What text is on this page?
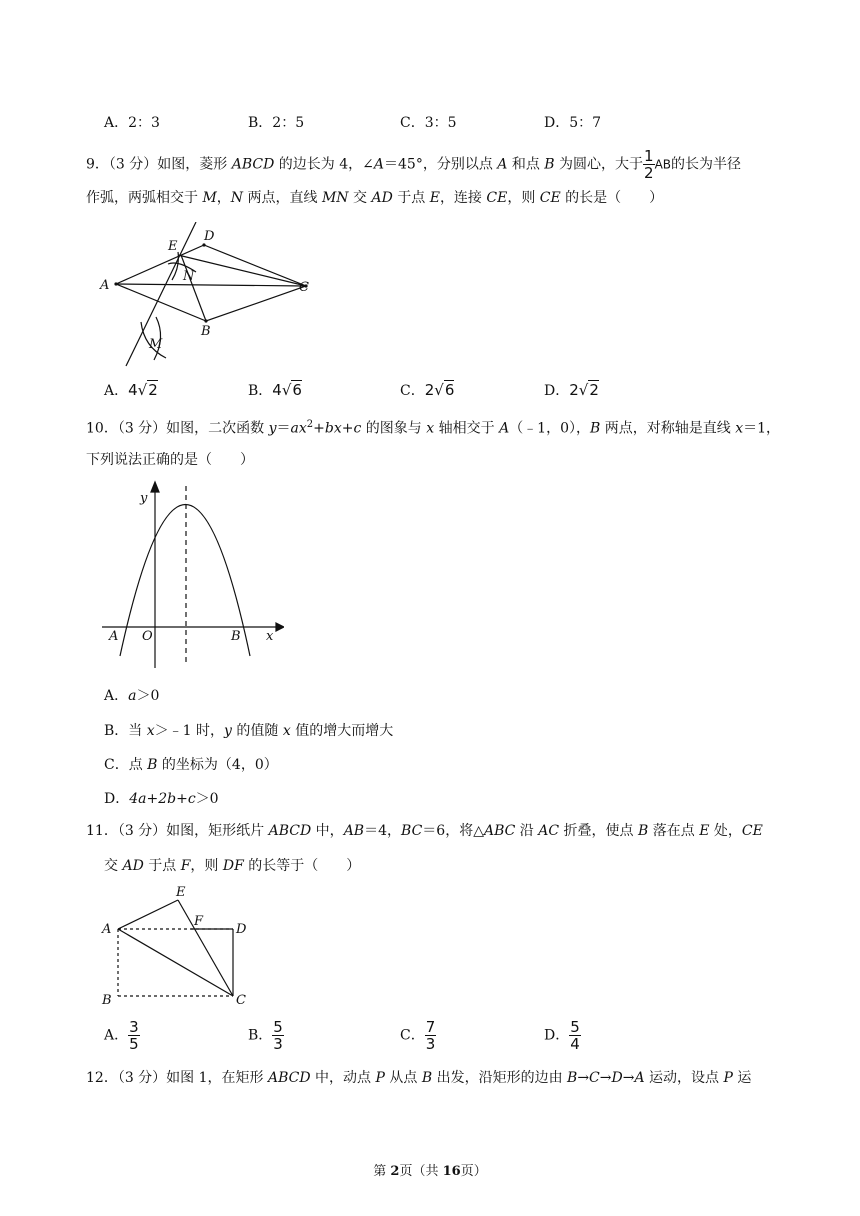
A．2：3	B．2：5	C．3：5	D．5：7
9．（3 分）如图，菱形 ABCD 的边长为 4，∠A＝45°，分别以点 A 和点 B 为圆心，大于 $\frac{1}{2}$ AB的长为半径
作弧，两弧相交于 M，N 两点，直线 MN 交 AD 于点 E，连接 CE，则 CE 的长是（　　）
A
B
C
D
E
N
M
A．4√2	B．4√6	C．2√6	D．2√2
10．（3 分）如图，二次函数 $y=ax^2+bx+c$ 的图象与 x 轴相交于 A（﹣1，0），B 两点，对称轴是直线 x＝1，
下列说法正确的是（　　）
y
x
A O	B
A．a＞0
B．当 x＞﹣1 时，y 的值随 x 值的增大而增大
C．点 B 的坐标为（4，0）
D．4a+2b+c＞0
11．（3 分）如图，矩形纸片 ABCD 中，AB＝4，BC＝6，将△ABC 沿 AC 折叠，使点 B 落在点 E 处，CE
交 AD 于点 F，则 DF 的长等于（　　）
A
B	C
D
E
F
A． $\frac{3}{5}$	B． $\frac{5}{3}$	C． $\frac{7}{3}$	D． $\frac{5}{4}$
12．（3 分）如图 1，在矩形 ABCD 中，动点 P 从点 B 出发，沿矩形的边由 B→C→D→A 运动，设点 P 运
第 2页（共 16页）
